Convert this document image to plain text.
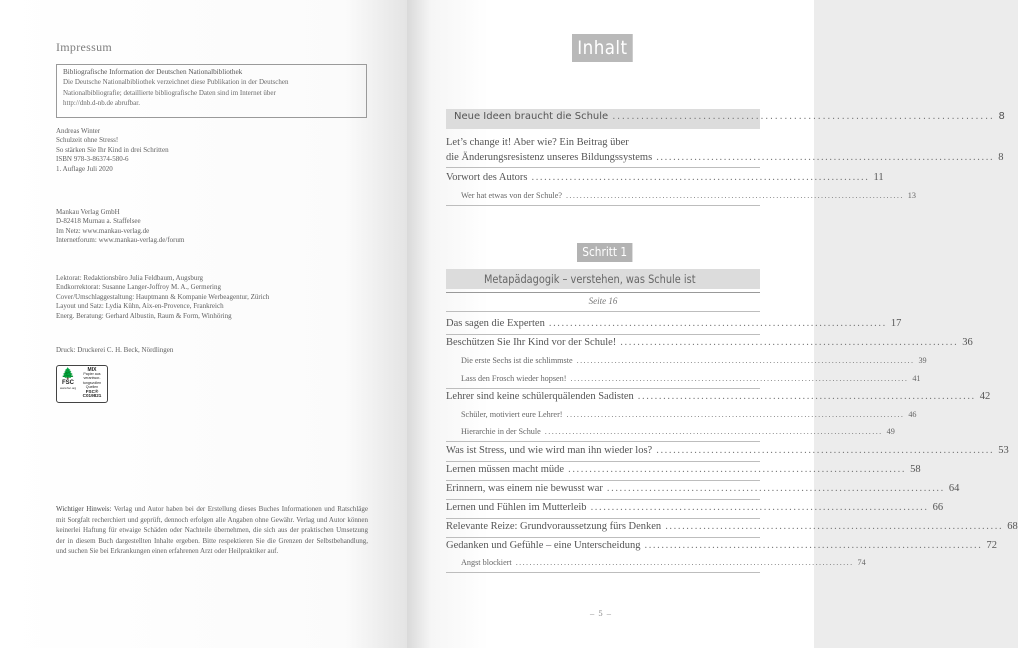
Impressum
Bibliografische Information der Deutschen Nationalbibliothek
Die Deutsche Nationalbibliothek verzeichnet diese Publikation in der Deutschen
Nationalbibliografie; detaillierte bibliografische Daten sind im Internet über
http://dnb.d-nb.de abrufbar.
Andreas Winter
Schulzeit ohne Stress!
So stärken Sie Ihr Kind in drei Schritten
ISBN 978-3-86374-580-6
1. Auflage Juli 2020
Mankau Verlag GmbH
D-82418 Murnau a. Staffelsee
Im Netz: www.mankau-verlag.de
Internetforum: www.mankau-verlag.de/forum
Lektorat: Redaktionsbüro Julia Feldbaum, Augsburg
Endkorrektorat: Susanne Langer-Joffroy M. A., Germering
Cover/Umschlaggestaltung: Hauptmann & Kompanie Werbeagentur, Zürich
Layout und Satz: Lydia Kühn, Aix-en-Provence, Frankreich
Energ. Beratung: Gerhard Albustin, Raum & Form, Winhöring
Druck: Druckerei C. H. Beck, Nördlingen
🌲
FSC
www.fsc.org
MIX
Papier aus verantwor-tungsvollen Quellen
FSC® C019821
Wichtiger Hinweis: Verlag und Autor haben bei der Erstellung dieses Buches Informationen und Ratschläge mit Sorgfalt recherchiert und geprüft, dennoch erfolgen alle Angaben ohne Gewähr. Verlag und Autor können keinerlei Haftung für etwaige Schäden oder Nachteile übernehmen, die sich aus der praktischen Umsetzung der in diesem Buch dargestellten Inhalte ergeben. Bitte respektieren Sie die Grenzen der Selbstbehandlung, und suchen Sie bei Erkrankungen einen erfahrenen Arzt oder Heilpraktiker auf.
Inhalt
Neue Ideen braucht die Schule ................................................................................ 8
Let’s change it! Aber wie? Ein Beitrag über
die Änderungsresistenz unseres Bildungssystems ................................................................................ 8
Vorwort des Autors ................................................................................ 11
Wer hat etwas von der Schule? .................................................................................................. 13
Schritt 1
Metapädagogik – verstehen, was Schule ist
Seite 16
Das sagen die Experten ................................................................................ 17
Beschützen Sie Ihr Kind vor der Schule! ................................................................................ 36
Die erste Sechs ist die schlimmste .................................................................................................. 39
Lass den Frosch wieder hopsen! .................................................................................................. 41
Lehrer sind keine schülerquälenden Sadisten ................................................................................ 42
Schüler, motiviert eure Lehrer! .................................................................................................. 46
Hierarchie in der Schule .................................................................................................. 49
Was ist Stress, und wie wird man ihn wieder los? ................................................................................ 53
Lernen müssen macht müde ................................................................................ 58
Erinnern, was einem nie bewusst war ................................................................................ 64
Lernen und Fühlen im Mutterleib ................................................................................ 66
Relevante Reize: Grundvoraussetzung fürs Denken ................................................................................ 68
Gedanken und Gefühle – eine Unterscheidung ................................................................................ 72
Angst blockiert .................................................................................................. 74
– 5 –
